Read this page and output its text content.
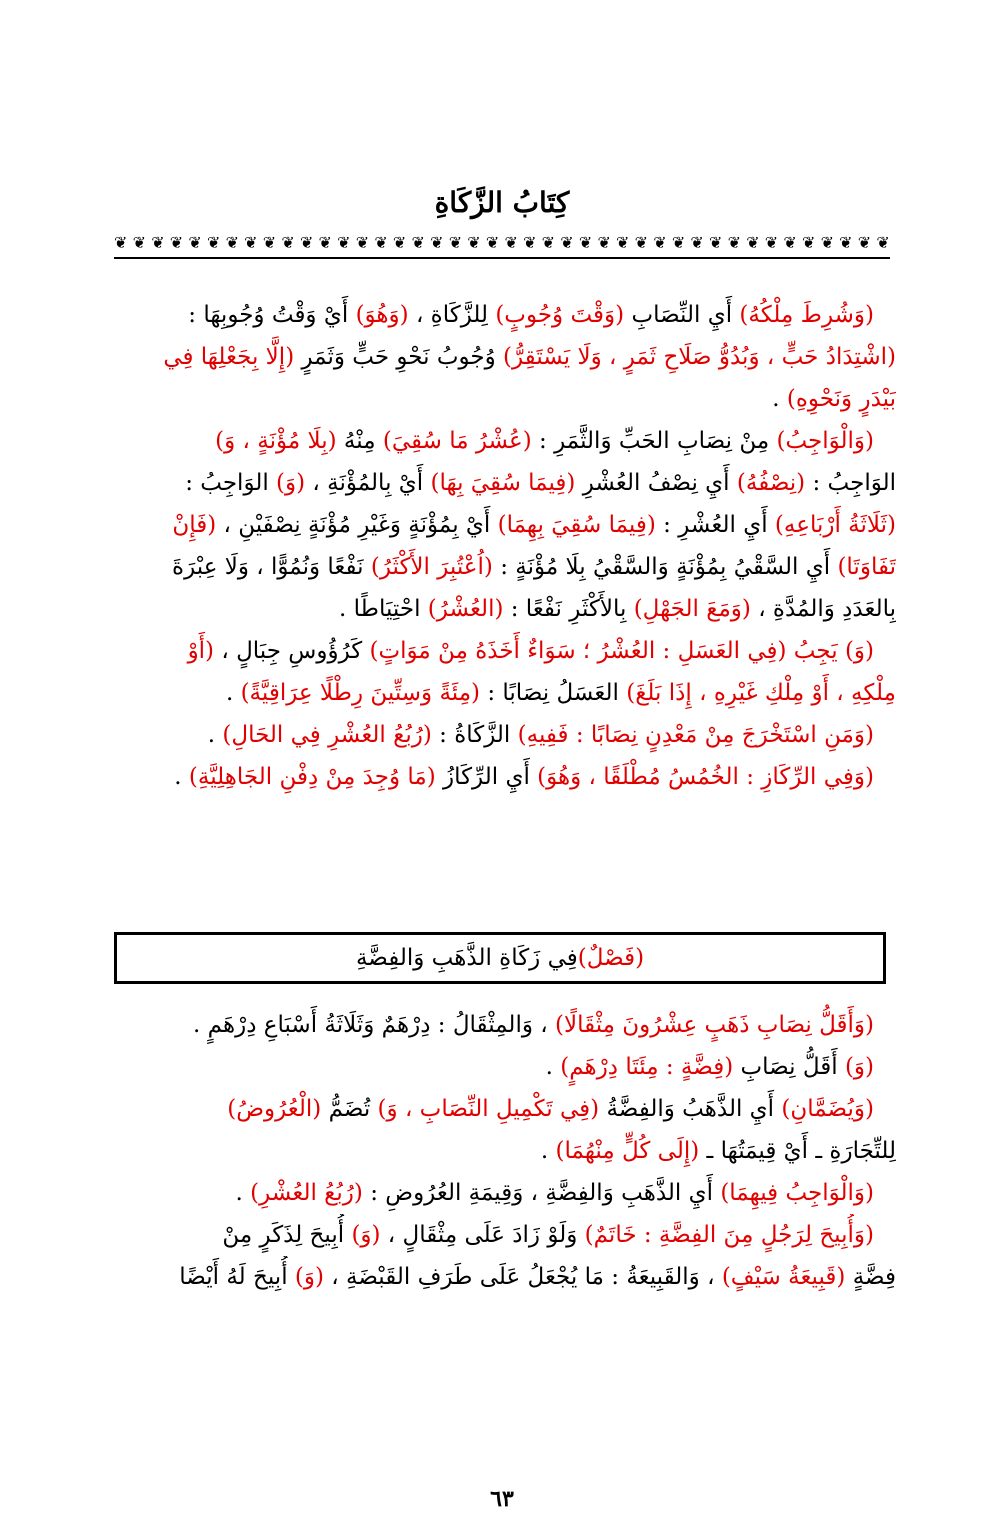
كِتَابُ الزَّكَاةِ
❦ ❦ ❦ ❦ ❦ ❦ ❦ ❦ ❦ ❦ ❦ ❦ ❦ ❦ ❦ ❦ ❦ ❦ ❦ ❦ ❦ ❦ ❦ ❦ ❦ ❦ ❦ ❦ ❦ ❦ ❦ ❦ ❦ ❦ ❦ ❦ ❦ ❦ ❦ ❦ ❦ ❦
(وَشُرِطَ مِلْكُهُ) أَيِ النِّصَابِ (وَقْتَ وُجُوبٍ) لِلزَّكَاةِ ، (وَهُوَ) أَيْ وَقْتُ وُجُوبِهَا :
(اشْتِدَادُ حَبٍّ ، وَبُدُوُّ صَلَاحِ ثَمَرٍ ، وَلَا يَسْتَقِرُّ) وُجُوبُ نَحْوِ حَبٍّ وَثَمَرٍ (إِلَّا بِجَعْلِهَا فِي
بَيْدَرٍ وَنَحْوِهِ) .
(وَالْوَاجِبُ) مِنْ نِصَابِ الحَبِّ وَالثَّمَرِ : (عُشْرُ مَا سُقِيَ) مِنْهُ (بِلَا مُؤْنَةٍ ، وَ)
الوَاجِبُ : (نِصْفُهُ) أَيِ نِصْفُ العُشْرِ (فِيمَا سُقِيَ بِهَا) أَيْ بِالمُؤْنَةِ ، (وَ) الوَاجِبُ :
(ثَلَاثَةُ أَرْبَاعِهِ) أَيِ العُشْرِ : (فِيمَا سُقِيَ بِهِمَا) أَيْ بِمُؤْنَةٍ وَغَيْرِ مُؤْنَةٍ نِصْفَيْنِ ، (فَإِنْ
تَفَاوَتَا) أَيِ السَّقْيُ بِمُؤْنَةٍ وَالسَّقْيُ بِلَا مُؤْنَةٍ : (اُعْتُبِرَ الأَكْثَرُ) نَفْعًا وَنُمُوًّا ، وَلَا عِبْرَةَ
بِالعَدَدِ وَالمُدَّةِ ، (وَمَعَ الجَهْلِ) بِالأَكْثَرِ نَفْعًا : (العُشْرُ) احْتِيَاطًا .
(وَ) يَجِبُ (فِي العَسَلِ : العُشْرُ ؛ سَوَاءٌ أَخَذَهُ مِنْ مَوَاتٍ) كَرُؤُوسِ جِبَالٍ ، (أَوْ
مِلْكِهِ ، أَوْ مِلْكِ غَيْرِهِ ، إِذَا بَلَغَ) العَسَلُ نِصَابًا : (مِئَةً وَسِتِّينَ رِطْلًا عِرَاقِيَّةً) .
(وَمَنِ اسْتَخْرَجَ مِنْ مَعْدِنٍ نِصَابًا : فَفِيهِ) الزَّكَاةُ : (رُبُعُ العُشْرِ فِي الحَالِ) .
(وَفِي الرِّكَازِ : الخُمُسُ مُطْلَقًا ، وَهُوَ) أَيِ الرِّكَازُ (مَا وُجِدَ مِنْ دِفْنِ الجَاهِلِيَّةِ) .
(فَصْلٌ)
فِي زَكَاةِ الذَّهَبِ وَالفِضَّةِ
(وَأَقَلُّ نِصَابِ ذَهَبٍ عِشْرُونَ مِثْقَالًا) ، وَالمِثْقَالُ : دِرْهَمٌ وَثَلَاثَةُ أَسْبَاعِ دِرْهَمٍ .
(وَ) أَقَلُّ نِصَابِ (فِضَّةٍ : مِئَتَا دِرْهَمٍ) .
(وَيُضَمَّانِ) أَيِ الذَّهَبُ وَالفِضَّةُ (فِي تَكْمِيلِ النِّصَابِ ، وَ) تُضَمُّ (الْعُرُوضُ)
لِلتِّجَارَةِ ـ أَيْ قِيمَتُهَا ـ (إِلَى كُلٍّ مِنْهُمَا) .
(وَالْوَاجِبُ فِيهِمَا) أَيِ الذَّهَبِ وَالفِضَّةِ ، وَقِيمَةِ العُرُوضِ : (رُبُعُ العُشْرِ) .
(وَأُبِيحَ لِرَجُلٍ مِنَ الفِضَّةِ : خَاتَمٌ) وَلَوْ زَادَ عَلَى مِثْقَالٍ ، (وَ) أُبِيحَ لِذَكَرٍ مِنْ
فِضَّةٍ (قَبِيعَةُ سَيْفٍ) ، وَالقَبِيعَةُ : مَا يُجْعَلُ عَلَى طَرَفِ القَبْضَةِ ، (وَ) أُبِيحَ لَهُ أَيْضًا
٦٣
